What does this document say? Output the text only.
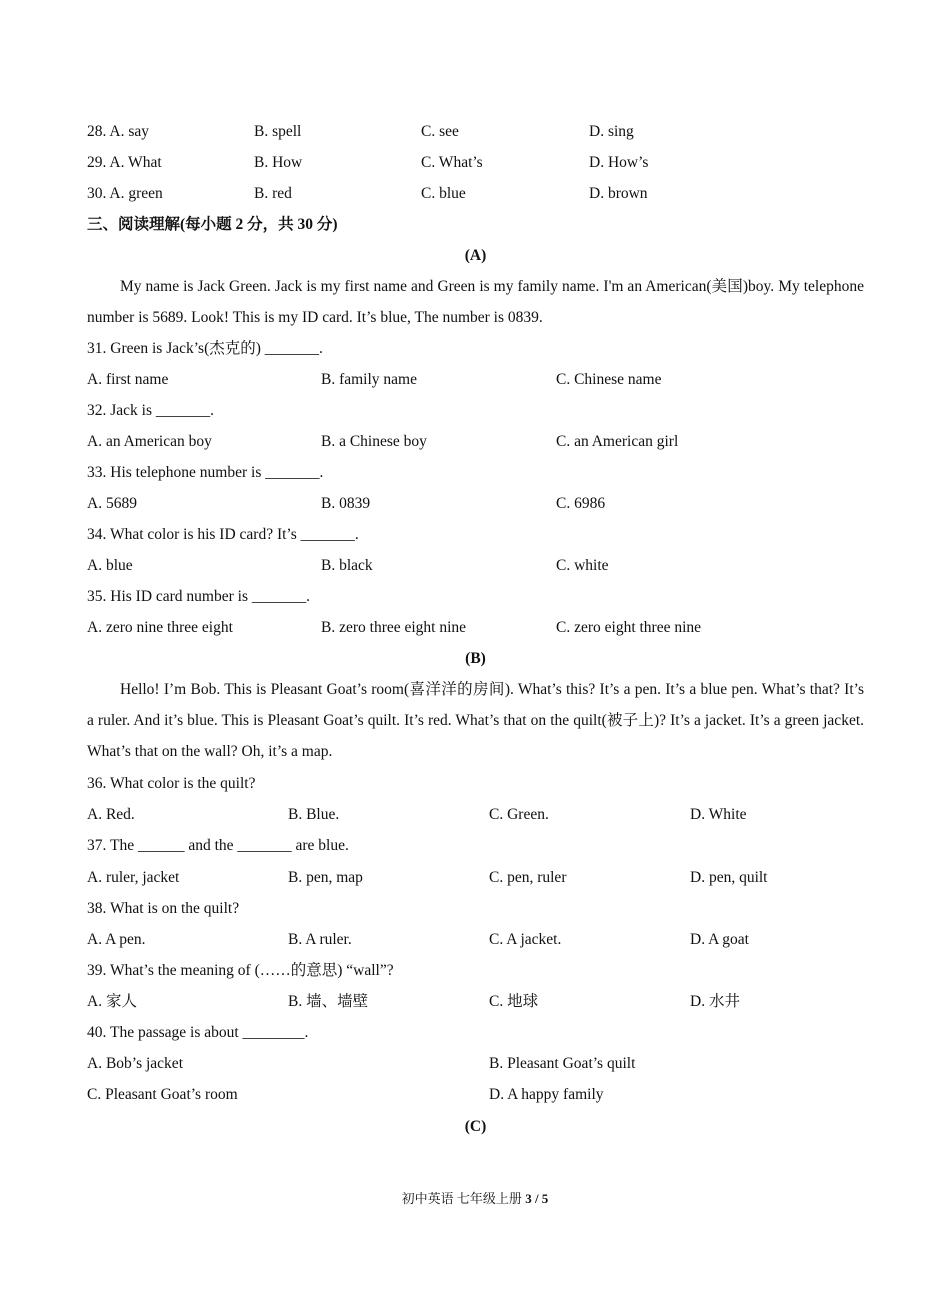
28. A. say	B. spell	C. see	D. sing
29. A. What	B. How	C. What’s	D. How’s
30. A. green	B. red	C. blue	D. brown
三、阅读理解(每小题 2 分，共 30 分)
(A)
My name is Jack Green. Jack is my first name and Green is my family name. I'm an American(美国)boy. My telephone number is 5689. Look! This is my ID card. It’s blue, The number is 0839.
31. Green is Jack’s(杰克的) _______.
A. first name	B. family name	C. Chinese name
32. Jack is _______.
A. an American boy	B. a Chinese boy	C. an American girl
33. His telephone number is _______.
A. 5689	B. 0839	C. 6986
34. What color is his ID card? It’s _______.
A. blue	B. black	C. white
35. His ID card number is _______.
A. zero nine three eight	B. zero three eight nine	C. zero eight three nine
(B)
Hello! I’m Bob. This is Pleasant Goat’s room(喜洋洋的房间). What’s this? It’s a pen. It’s a blue pen. What’s that? It’s a ruler. And it’s blue. This is Pleasant Goat’s quilt. It’s red. What’s that on the quilt(被子上)? It’s a jacket. It’s a green jacket. What’s that on the wall? Oh, it’s a map.
36. What color is the quilt?
A. Red.	B. Blue.	C. Green.	D. White
37. The ______ and the _______ are blue.
A. ruler, jacket	B. pen, map	C. pen, ruler	D. pen, quilt
38. What is on the quilt?
A. A pen.	B. A ruler.	C. A jacket.	D. A goat
39. What’s the meaning of (……的意思) “wall”?
A. 家人	B. 墙、墙壁	C. 地球	D. 水井
40. The passage is about ________.
A. Bob’s jacket	B. Pleasant Goat’s quilt
C. Pleasant Goat’s room	D. A happy family
(C)
初中英语 七年级上册 3 / 5
